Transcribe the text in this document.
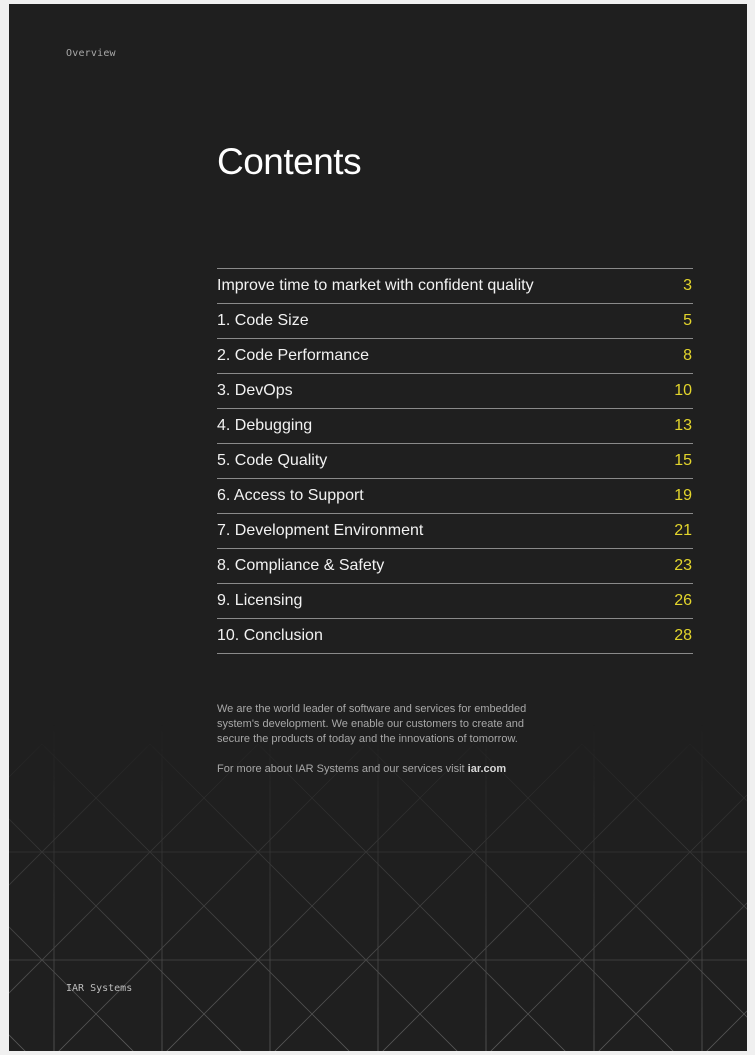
Overview
Contents
Improve time to market with confident quality	3
1. Code Size	5
2. Code Performance	8
3. DevOps	10
4. Debugging	13
5. Code Quality	15
6. Access to Support	19
7. Development Environment	21
8. Compliance & Safety	23
9. Licensing	26
10. Conclusion	28

We are the world leader of software and services for embedded system's development. We enable our customers to create and secure the products of today and the innovations of tomorrow.

For more about IAR Systems and our services visit iar.com

IAR Systems
